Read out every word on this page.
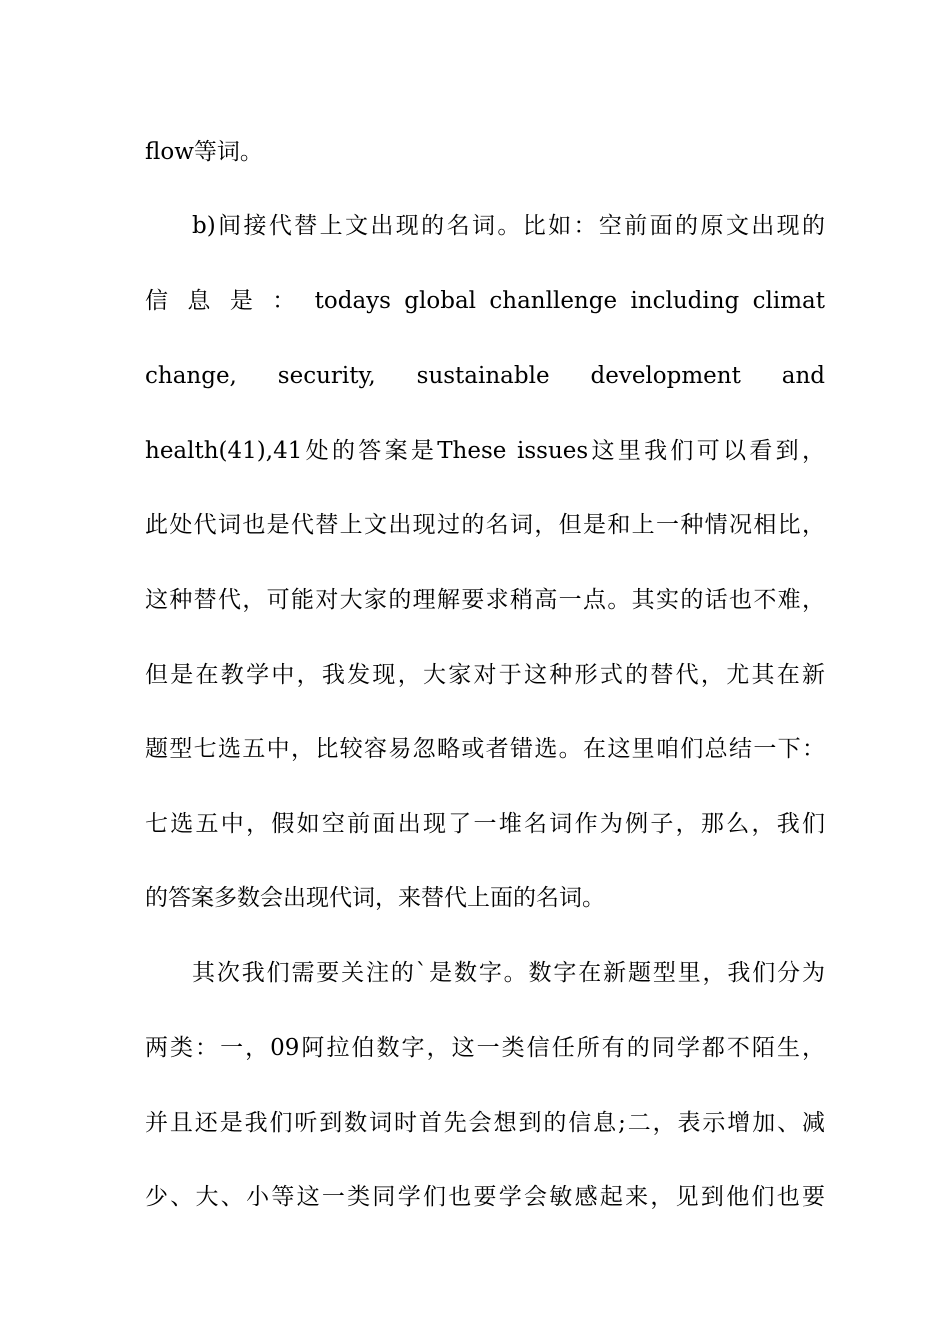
flow等词。
b)间接代替上文出现的名词。比如：空前面的原文出现的
信 息 是 ： todays global chanllenge including climat
change, security, sustainable development and
health(41),41处的答案是These issues这里我们可以看到，
此处代词也是代替上文出现过的名词，但是和上一种情况相比，
这种替代，可能对大家的理解要求稍高一点。其实的话也不难，
但是在教学中，我发现，大家对于这种形式的替代，尤其在新
题型七选五中，比较容易忽略或者错选。在这里咱们总结一下：
七选五中，假如空前面出现了一堆名词作为例子，那么，我们
的答案多数会出现代词，来替代上面的名词。
其次我们需要关注的`是数字。数字在新题型里，我们分为
两类：一，09阿拉伯数字，这一类信任所有的同学都不陌生，
并且还是我们听到数词时首先会想到的信息;二，表示增加、减
少、大、小等这一类同学们也要学会敏感起来，见到他们也要
